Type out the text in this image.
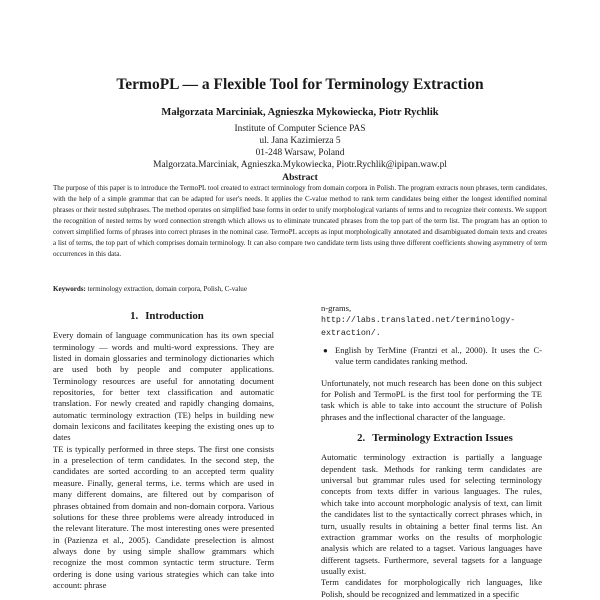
TermoPL — a Flexible Tool for Terminology Extraction
Małgorzata Marciniak, Agnieszka Mykowiecka, Piotr Rychlik
Institute of Computer Science PAS
ul. Jana Kazimierza 5
01-248 Warsaw, Poland
Malgorzata.Marciniak, Agnieszka.Mykowiecka, Piotr.Rychlik@ipipan.waw.pl
Abstract
The purpose of this paper is to introduce the TermoPL tool created to extract terminology from domain corpora in Polish. The program extracts noun phrases, term candidates, with the help of a simple grammar that can be adapted for user's needs. It applies the C-value method to rank term candidates being either the longest identified nominal phrases or their nested subphrases. The method operates on simplified base forms in order to unify morphological variants of terms and to recognize their contexts. We support the recognition of nested terms by word connection strength which allows us to eliminate truncated phrases from the top part of the term list. The program has an option to convert simplified forms of phrases into correct phrases in the nominal case. TermoPL accepts as input morphologically annotated and disambiguated domain texts and creates a list of terms, the top part of which comprises domain terminology. It can also compare two candidate term lists using three different coefficients showing asymmetry of term occurrences in this data.
Keywords: terminology extraction, domain corpora, Polish, C-value
1. Introduction

Every domain of language communication has its own special terminology — words and multi-word expressions. They are listed in domain glossaries and terminology dictionaries which are used both by people and computer applications. Terminology resources are useful for annotating document repositories, for better text classification and automatic translation. For newly created and rapidly changing domains, automatic terminology extraction (TE) helps in building new domain lexicons and facilitates keeping the existing ones up to dates

TE is typically performed in three steps. The first one consists in a preselection of term candidates. In the second step, the candidates are sorted according to an accepted term quality measure. Finally, general terms, i.e. terms which are used in many different domains, are filtered out by comparison of phrases obtained from domain and non-domain corpora. Various solutions for these three problems were already introduced in the relevant literature. The most interesting ones were presented in (Pazienza et al., 2005). Candidate preselection is almost always done by using simple shallow grammars which recognize the most common syntactic term structure. Term ordering is done using various strategies which can take into account: phrase

n-grams,    http://labs.translated.net/terminology-extraction/.

● English by TerMine (Frantzi et al., 2000). It uses the C-value term candidates ranking method.

Unfortunately, not much research has been done on this subject for Polish and TermoPL is the first tool for performing the TE task which is able to take into account the structure of Polish phrases and the inflectional character of the language.

2. Terminology Extraction Issues

Automatic terminology extraction is partially a language dependent task. Methods for ranking term candidates are universal but grammar rules used for selecting terminology concepts from texts differ in various languages. The rules, which take into account morphologic analysis of text, can limit the candidates list to the syntactically correct phrases which, in turn, usually results in obtaining a better final terms list. An extraction grammar works on the results of morphologic analysis which are related to a tagset. Various languages have different tagsets. Furthermore, several tagsets for a language usually exist.

Term candidates for morphologically rich languages, like Polish, should be recognized and lemmatized in a specific
